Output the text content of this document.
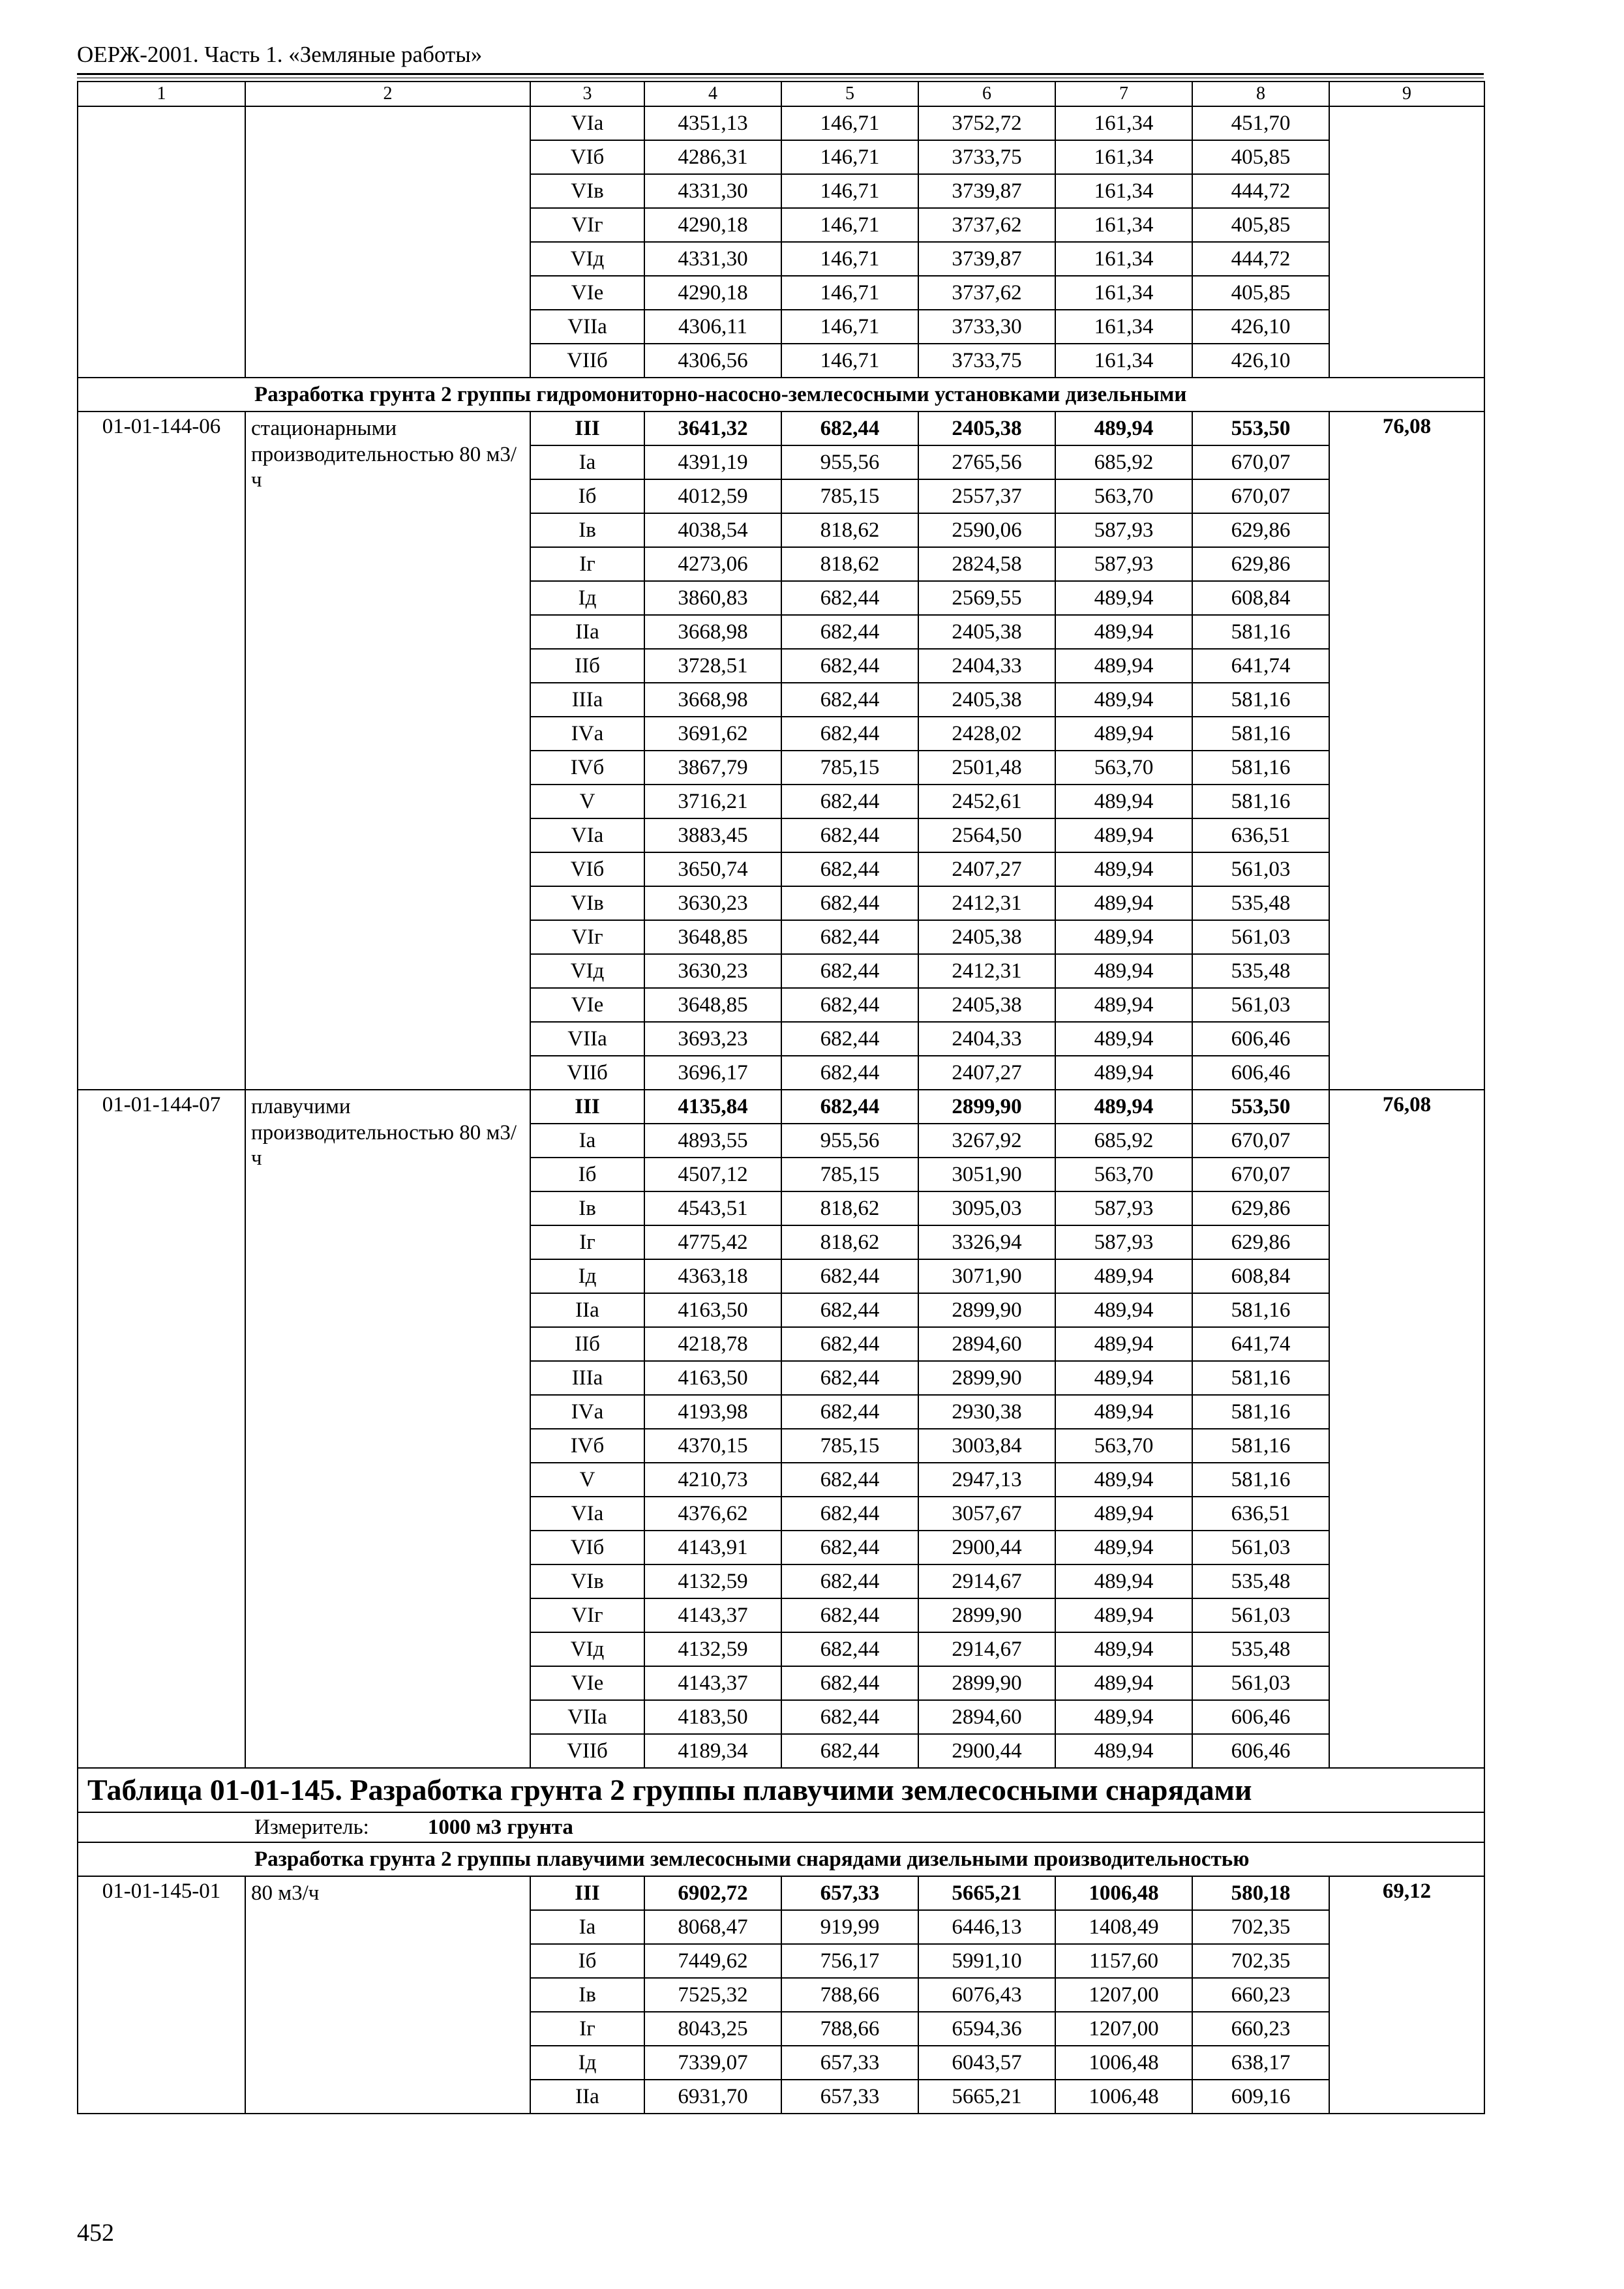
ОЕРЖ-2001. Часть 1. «Земляные работы»
1	2	3	4	5	6	7	8	9
		VIа	4351,13	146,71	3752,72	161,34	451,70	
		VIб	4286,31	146,71	3733,75	161,34	405,85	
		VIв	4331,30	146,71	3739,87	161,34	444,72	
		VIг	4290,18	146,71	3737,62	161,34	405,85	
		VIд	4331,30	146,71	3739,87	161,34	444,72	
		VIе	4290,18	146,71	3737,62	161,34	405,85	
		VIIа	4306,11	146,71	3733,30	161,34	426,10	
		VIIб	4306,56	146,71	3733,75	161,34	426,10	
Разработка грунта 2 группы гидромониторно-насосно-землесосными установками дизельными								
01-01-144-06	стационарными производительностью 80 м3/ч	III	3641,32	682,44	2405,38	489,94	553,50	76,08
		Iа	4391,19	955,56	2765,56	685,92	670,07	
		Iб	4012,59	785,15	2557,37	563,70	670,07	
		Iв	4038,54	818,62	2590,06	587,93	629,86	
		Iг	4273,06	818,62	2824,58	587,93	629,86	
		Iд	3860,83	682,44	2569,55	489,94	608,84	
		IIа	3668,98	682,44	2405,38	489,94	581,16	
		IIб	3728,51	682,44	2404,33	489,94	641,74	
		IIIа	3668,98	682,44	2405,38	489,94	581,16	
		IVа	3691,62	682,44	2428,02	489,94	581,16	
		IVб	3867,79	785,15	2501,48	563,70	581,16	
		V	3716,21	682,44	2452,61	489,94	581,16	
		VIа	3883,45	682,44	2564,50	489,94	636,51	
		VIб	3650,74	682,44	2407,27	489,94	561,03	
		VIв	3630,23	682,44	2412,31	489,94	535,48	
		VIг	3648,85	682,44	2405,38	489,94	561,03	
		VIд	3630,23	682,44	2412,31	489,94	535,48	
		VIе	3648,85	682,44	2405,38	489,94	561,03	
		VIIа	3693,23	682,44	2404,33	489,94	606,46	
		VIIб	3696,17	682,44	2407,27	489,94	606,46	
01-01-144-07	плавучими производительностью 80 м3/ч	III	4135,84	682,44	2899,90	489,94	553,50	76,08
		Iа	4893,55	955,56	3267,92	685,92	670,07	
		Iб	4507,12	785,15	3051,90	563,70	670,07	
		Iв	4543,51	818,62	3095,03	587,93	629,86	
		Iг	4775,42	818,62	3326,94	587,93	629,86	
		Iд	4363,18	682,44	3071,90	489,94	608,84	
		IIа	4163,50	682,44	2899,90	489,94	581,16	
		IIб	4218,78	682,44	2894,60	489,94	641,74	
		IIIа	4163,50	682,44	2899,90	489,94	581,16	
		IVа	4193,98	682,44	2930,38	489,94	581,16	
		IVб	4370,15	785,15	3003,84	563,70	581,16	
		V	4210,73	682,44	2947,13	489,94	581,16	
		VIа	4376,62	682,44	3057,67	489,94	636,51	
		VIб	4143,91	682,44	2900,44	489,94	561,03	
		VIв	4132,59	682,44	2914,67	489,94	535,48	
		VIг	4143,37	682,44	2899,90	489,94	561,03	
		VIд	4132,59	682,44	2914,67	489,94	535,48	
		VIе	4143,37	682,44	2899,90	489,94	561,03	
		VIIа	4183,50	682,44	2894,60	489,94	606,46	
		VIIб	4189,34	682,44	2900,44	489,94	606,46	
Таблица 01-01-145. Разработка грунта 2 группы плавучими землесосными снарядами								
Измеритель: 1000 м3 грунта								
Разработка грунта 2 группы плавучими землесосными снарядами дизельными производительностью								
01-01-145-01	80 м3/ч	III	6902,72	657,33	5665,21	1006,48	580,18	69,12
		Iа	8068,47	919,99	6446,13	1408,49	702,35	
		Iб	7449,62	756,17	5991,10	1157,60	702,35	
		Iв	7525,32	788,66	6076,43	1207,00	660,23	
		Iг	8043,25	788,66	6594,36	1207,00	660,23	
		Iд	7339,07	657,33	6043,57	1006,48	638,17	
		IIа	6931,70	657,33	5665,21	1006,48	609,16	
452
